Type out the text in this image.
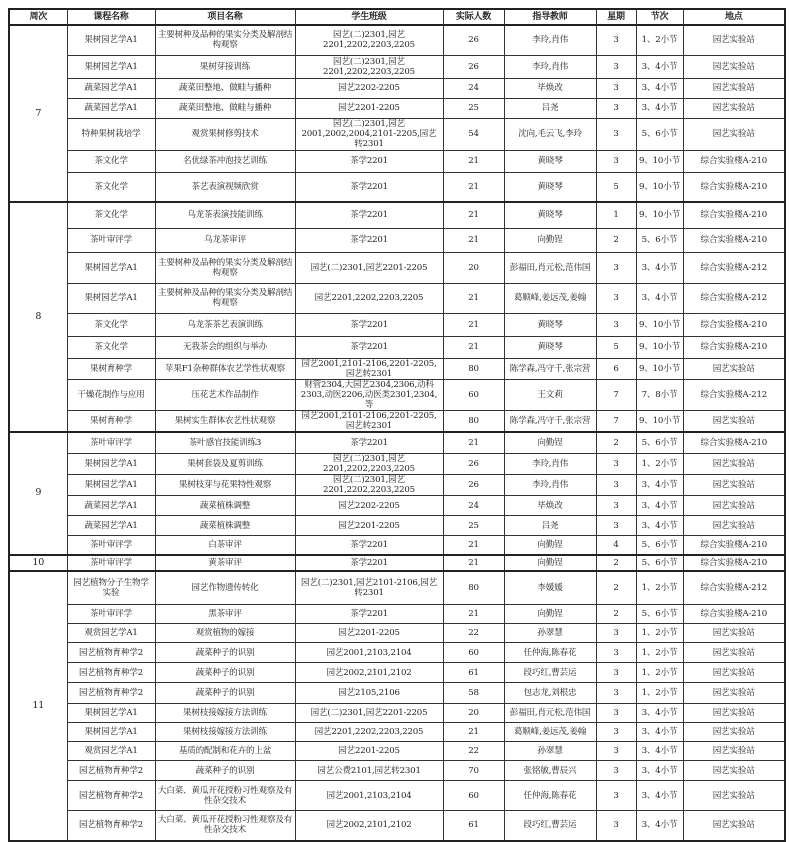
周次	课程名称	项目名称	学生班级	实际人数	指导教师	星期	节次	地点
7	果树园艺学A1	主要树种及品种的果实分类及解剖结构观察	园艺(二)2301,园艺2201,2202,2203,2205	26	李玲,肖伟	3	1、2小节	园艺实验站
	果树园艺学A1	果树芽接训练	园艺(二)2301,园艺2201,2202,2203,2205	26	李玲,肖伟	3	3、4小节	园艺实验站
	蔬菜园艺学A1	蔬菜田整地、做畦与播种	园艺2202-2205	24	毕焕改	3	3、4小节	园艺实验站
	蔬菜园艺学A1	蔬菜田整地、做畦与播种	园艺2201-2205	25	吕尧	3	3、4小节	园艺实验站
	特种果树栽培学	观赏果树修剪技术	园艺(二)2301,园艺2001,2002,2004,2101-2205,园艺转2301	54	沈向,毛云飞,李玲	3	5、6小节	园艺实验站
	茶文化学	名优绿茶冲泡技艺训练	茶学2201	21	黄晓琴	3	9、10小节	综合实验楼A-210
	茶文化学	茶艺表演视频欣赏	茶学2201	21	黄晓琴	5	9、10小节	综合实验楼A-210
8	茶文化学	乌龙茶表演技能训练	茶学2201	21	黄晓琴	1	9、10小节	综合实验楼A-210
	茶叶审评学	乌龙茶审评	茶学2201	21	向勤锃	2	5、6小节	综合实验楼A-210
	果树园艺学A1	主要树种及品种的果实分类及解剖结构观察	园艺(二)2301,园艺2201-2205	20	彭福田,肖元松,范伟国	3	3、4小节	综合实验楼A-212
	果树园艺学A1	主要树种及品种的果实分类及解剖结构观察	园艺2201,2202,2203,2205	21	葛顺峰,姜远茂,姜翰	3	3、4小节	综合实验楼A-212
	茶文化学	乌龙茶茶艺表演训练	茶学2201	21	黄晓琴	3	9、10小节	综合实验楼A-210
	茶文化学	无我茶会的组织与举办	茶学2201	21	黄晓琴	5	9、10小节	综合实验楼A-210
	果树育种学	苹果F1杂种群体农艺学性状观察	园艺2001,2101-2106,2201-2205,园艺转2301	80	陈学森,冯守千,张宗营	6	9、10小节	园艺实验站
	干燥花制作与应用	压花艺术作品制作	财管2304,大园艺2304,2306,动科2303,动医2206,动医类2301,2304,等	60	王文莉	7	7、8小节	综合实验楼A-212
	果树育种学	果树实生群体农艺性状观察	园艺2001,2101-2106,2201-2205,园艺转2301	80	陈学森,冯守千,张宗营	7	9、10小节	园艺实验站
9	茶叶审评学	茶叶感官技能训练3	茶学2201	21	向勤锃	2	5、6小节	综合实验楼A-210
	果树园艺学A1	果树套袋及夏剪训练	园艺(二)2301,园艺2201,2202,2203,2205	26	李玲,肖伟	3	1、2小节	园艺实验站
	果树园艺学A1	果树枝芽与花果特性观察	园艺(二)2301,园艺2201,2202,2203,2205	26	李玲,肖伟	3	3、4小节	园艺实验站
	蔬菜园艺学A1	蔬菜植株调整	园艺2202-2205	24	毕焕改	3	3、4小节	园艺实验站
	蔬菜园艺学A1	蔬菜植株调整	园艺2201-2205	25	吕尧	3	3、4小节	园艺实验站
	茶叶审评学	白茶审评	茶学2201	21	向勤锃	4	5、6小节	综合实验楼A-210
10	茶叶审评学	黄茶审评	茶学2201	21	向勤锃	2	5、6小节	综合实验楼A-210
11	园艺植物分子生物学实验	园艺作物遗传转化	园艺(二)2301,园艺2101-2106,园艺转2301	80	李媛媛	2	1、2小节	综合实验楼A-212
	茶叶审评学	黑茶审评	茶学2201	21	向勤锃	2	5、6小节	综合实验楼A-210
	观赏园艺学A1	观赏植物的嫁接	园艺2201-2205	22	孙翠慧	3	1、2小节	园艺实验站
	园艺植物育种学2	蔬菜种子的识别	园艺2001,2103,2104	60	任仲海,陈春花	3	1、2小节	园艺实验站
	园艺植物育种学2	蔬菜种子的识别	园艺2002,2101,2102	61	段巧红,曹芸运	3	1、2小节	园艺实验站
	园艺植物育种学2	蔬菜种子的识别	园艺2105,2106	58	包志龙,刘根忠	3	1、2小节	园艺实验站
	果树园艺学A1	果树枝接嫁接方法训练	园艺(二)2301,园艺2201-2205	20	彭福田,肖元松,范伟国	3	3、4小节	园艺实验站
	果树园艺学A1	果树枝接嫁接方法训练	园艺2201,2202,2203,2205	21	葛顺峰,姜远茂,姜翰	3	3、4小节	园艺实验站
	观赏园艺学A1	基质的配制和花卉的上盆	园艺2201-2205	22	孙翠慧	3	3、4小节	园艺实验站
	园艺植物育种学2	蔬菜种子的识别	园艺公费2101,园艺转2301	70	张铭敏,曹辰兴	3	3、4小节	园艺实验站
	园艺植物育种学2	大白菜、黄瓜开花授粉习性观察及有性杂交技术	园艺2001,2103,2104	60	任仲海,陈春花	3	3、4小节	园艺实验站
	园艺植物育种学2	大白菜、黄瓜开花授粉习性观察及有性杂交技术	园艺2002,2101,2102	61	段巧红,曹芸运	3	3、4小节	园艺实验站
